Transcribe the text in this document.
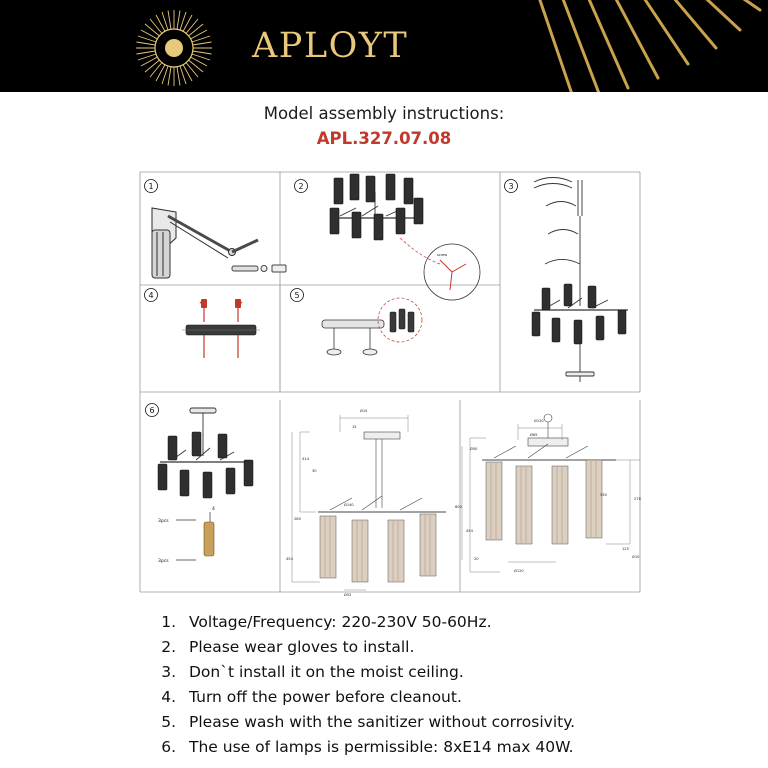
APLOYT
Model assembly instructions:
APL.327.07.08
1	2	3
4	5
6
screw
3pcs
3pcs
4
Ø15
15
414
260
454
Ø140
Ø52
30
Ø120
Ø65
Ø50
600
454
278
125
Ø10
Ø120
20
330
1. Voltage/Frequency: 220-230V 50-60Hz.
2. Please wear gloves to install.
3. Don`t install it on the moist ceiling.
4. Turn off the power before cleanout.
5. Please wash with the sanitizer without corrosivity.
6. The use of lamps is permissible: 8xE14 max 40W.
